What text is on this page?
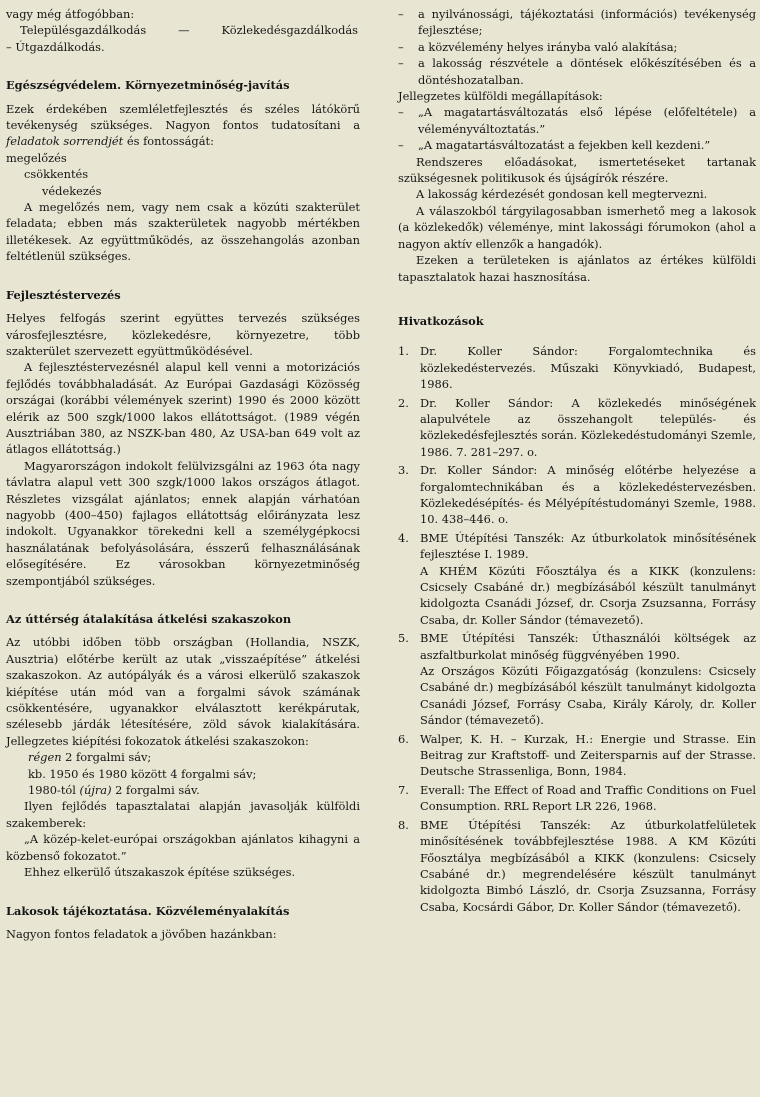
vagy még átfogóbban:

Településgazdálkodás	—	Közlekedésgazdálkodás

– Útgazdálkodás.

Egészségvédelem. Környezetminőség-javítás

Ezek érdekében szemléletfejlesztés és széles látókörű tevékenység szükséges. Nagyon fontos tudatosítani a feladatok sorrendjét és fontosságát:

megelőzés

csökkentés

védekezés

A megelőzés nem, vagy nem csak a közúti szakterület feladata; ebben más szakterületek nagyobb mértékben illetékesek. Az együttműködés, az összehangolás azonban feltétlenül szükséges.

Fejlesztéstervezés

Helyes felfogás szerint együttes tervezés szükséges városfejlesztésre, közlekedésre, környezetre, több szakterület szervezett együttműködésével.

A fejlesztéstervezésnél alapul kell venni a motorizációs fejlődés továbbhaladását. Az Európai Gazdasági Közösség országai (korábbi vélemények szerint) 1990 és 2000 között elérik az 500 szgk/1000 lakos ellátottságot. (1989 végén Ausztriában 380, az NSZK-ban 480, Az USA-ban 649 volt az átlagos ellátottság.)

Magyarországon indokolt felülvizsgálni az 1963 óta nagy távlatra alapul vett 300 szgk/1000 lakos országos átlagot. Részletes vizsgálat ajánlatos; ennek alapján várhatóan nagyobb (400–450) fajlagos ellátottság előirányzata lesz indokolt. Ugyanakkor törekedni kell a személygépkocsi használatának befolyásolására, ésszerű felhasználásának elősegítésére. Ez városokban környezetminőség szempontjából szükséges.

Az úttérség átalakítása átkelési szakaszokon

Az utóbbi időben több országban (Hollandia, NSZK, Ausztria) előtérbe került az utak „visszaépítése” átkelési szakaszokon. Az autópályák és a városi elkerülő szakaszok kiépítése után mód van a forgalmi sávok számának csökkentésére, ugyanakkor elválasztott kerékpárutak, szélesebb járdák létesítésére, zöld sávok kialakítására. Jellegzetes kiépítési fokozatok átkelési szakaszokon:

régen 2 forgalmi sáv;

kb. 1950 és 1980 között 4 forgalmi sáv;

1980-tól (újra) 2 forgalmi sáv.

Ilyen fejlődés tapasztalatai alapján javasolják külföldi szakemberek:

„A közép-kelet-európai országokban ajánlatos kihagyni a közbenső fokozatot.”

Ehhez elkerülő útszakaszok építése szükséges.

Lakosok tájékoztatása. Közvéleményalakítás

Nagyon fontos feladatok a jövőben hazánkban:

–	a nyilvánossági, tájékoztatási (információs) tevékenység fejlesztése;
–	a közvélemény helyes irányba való alakítása;
–	a lakosság részvétele a döntések előkészítésében és a döntéshozatalban.

Jellegzetes külföldi megállapítások:

–	„A magatartásváltozatás első lépése (előfeltétele) a véleményváltoztatás.”
–	„A magatartásváltozatást a fejekben kell kezdeni.”

Rendszeres előadásokat, ismertetéseket tartanak szükségesnek politikusok és újságírók részére.

A lakosság kérdezését gondosan kell megtervezni.

A válaszokból tárgyilagosabban ismerhető meg a lakosok (a közlekedők) véleménye, mint lakossági fórumokon (ahol a nagyon aktív ellenzők a hangadók).

Ezeken a területeken is ajánlatos az értékes külföldi tapasztalatok hazai hasznosítása.

Hivatkozások
1. Dr. Koller Sándor: Forgalomtechnika és közlekedéstervezés. Műszaki Könyvkiadó, Budapest, 1986.
2. Dr. Koller Sándor: A közlekedés minőségének alapulvétele az összehangolt település- és közlekedésfejlesztés során. Közlekedéstudományi Szemle, 1986. 7. 281–297. o.
3. Dr. Koller Sándor: A minőség előtérbe helyezése a forgalomtechnikában és a közlekedéstervezésben. Közlekedésépítés- és Mélyépítéstudományi Szemle, 1988. 10. 438–446. o.
4. BME Útépítési Tanszék: Az útburkolatok minősítésének fejlesztése I. 1989.
A KHÉM Közúti Főosztálya és a KIKK (konzulens: Csicsely Csabáné dr.) megbízásából készült tanulmányt kidolgozta Csanádi József, dr. Csorja Zsuzsanna, Forrásy Csaba, dr. Koller Sándor (témavezető).
5. BME Útépítési Tanszék: Úthasználói költségek az aszfaltburkolat minőség függvényében 1990.
Az Országos Közúti Főigazgatóság (konzulens: Csicsely Csabáné dr.) megbízásából készült tanulmányt kidolgozta Csanádi József, Forrásy Csaba, Király Károly, dr. Koller Sándor (témavezető).
6. Walper, K. H. – Kurzak, H.: Energie und Strasse. Ein Beitrag zur Kraftstoff- und Zeitersparnis auf der Strasse. Deutsche Strassenliga, Bonn, 1984.
7. Everall: The Effect of Road and Traffic Conditions on Fuel Consumption. RRL Report LR 226, 1968.
8. BME Útépítési Tanszék: Az útburkolatfelületek minősítésének továbbfejlesztése 1988. A KM Közúti Főosztálya megbízásából a KIKK (konzulens: Csicsely Csabáné dr.) megrendelésére készült tanulmányt kidolgozta Bimbó László, dr. Csorja Zsuzsanna, Forrásy Csaba, Kocsárdi Gábor, Dr. Koller Sándor (témavezető).
